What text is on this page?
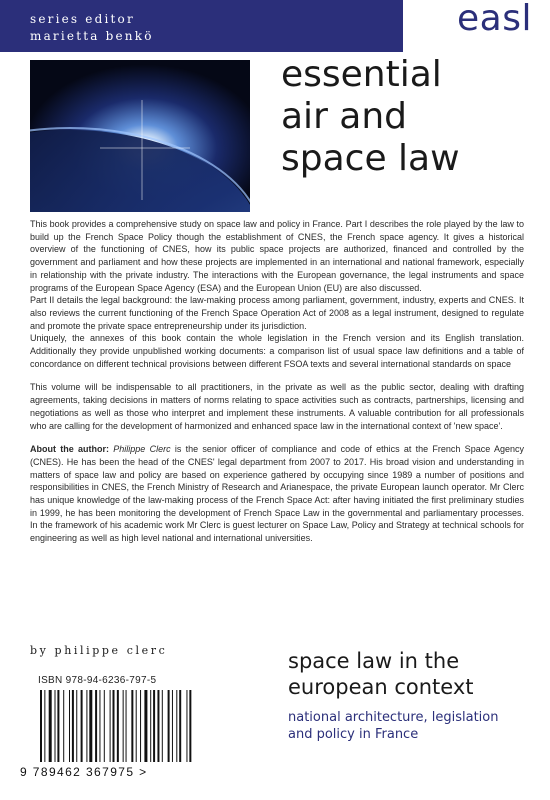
series editor
marietta benkö	easl
essential
air and
space law

This book provides a comprehensive study on space law and policy in France. Part I describes the role played by the law to build up the French Space Policy though the establishment of CNES, the French space agency. It gives a historical overview of the functioning of CNES, how its public space projects are authorized, financed and controlled by the government and parliament and how these projects are implemented in an international and national framework, especially in relationship with the private industry. The interactions with the European governance, the legal instruments and space programs of the European Space Agency (ESA) and the European Union (EU) are also discussed.

Part II details the legal background: the law-making process among parliament, government, industry, experts and CNES. It also reviews the current functioning of the French Space Operation Act of 2008 as a legal instrument, designed to regulate and promote the private space entrepreneurship under its jurisdiction.

Uniquely, the annexes of this book contain the whole legislation in the French version and its English translation. Additionally they provide unpublished working documents: a comparison list of usual space law definitions and a table of concordance on different technical provisions between different FSOA texts and several international standards on space

This volume will be indispensable to all practitioners, in the private as well as the public sector, dealing with drafting agreements, taking decisions in matters of norms relating to space activities such as contracts, partnerships, licensing and negotiations as well as those who interpret and implement these instruments. A valuable contribution for all professionals who are calling for the development of harmonized and enhanced space law in the international context of 'new space'.

About the author: Philippe Clerc is the senior officer of compliance and code of ethics at the French Space Agency (CNES). He has been the head of the CNES' legal department from 2007 to 2017. His broad vision and understanding in matters of space law and policy are based on experience gathered by occupying since 1989 a number of positions and responsibilities in CNES, the French Ministry of Research and Arianespace, the private European launch operator. Mr Clerc has unique knowledge of the law-making process of the French Space Act: after having initiated the first preliminary studies in 1999, he has been monitoring the development of French Space Law in the governmental and parliamentary processes. In the framework of his academic work Mr Clerc is guest lecturer on Space Law, Policy and Strategy at technical schools for engineering as well as high level national and international universities.

by philippe clerc
ISBN 978-94-6236-797-5
9 789462 367975 >
space law in the
european context
national architecture, legislation
and policy in France
